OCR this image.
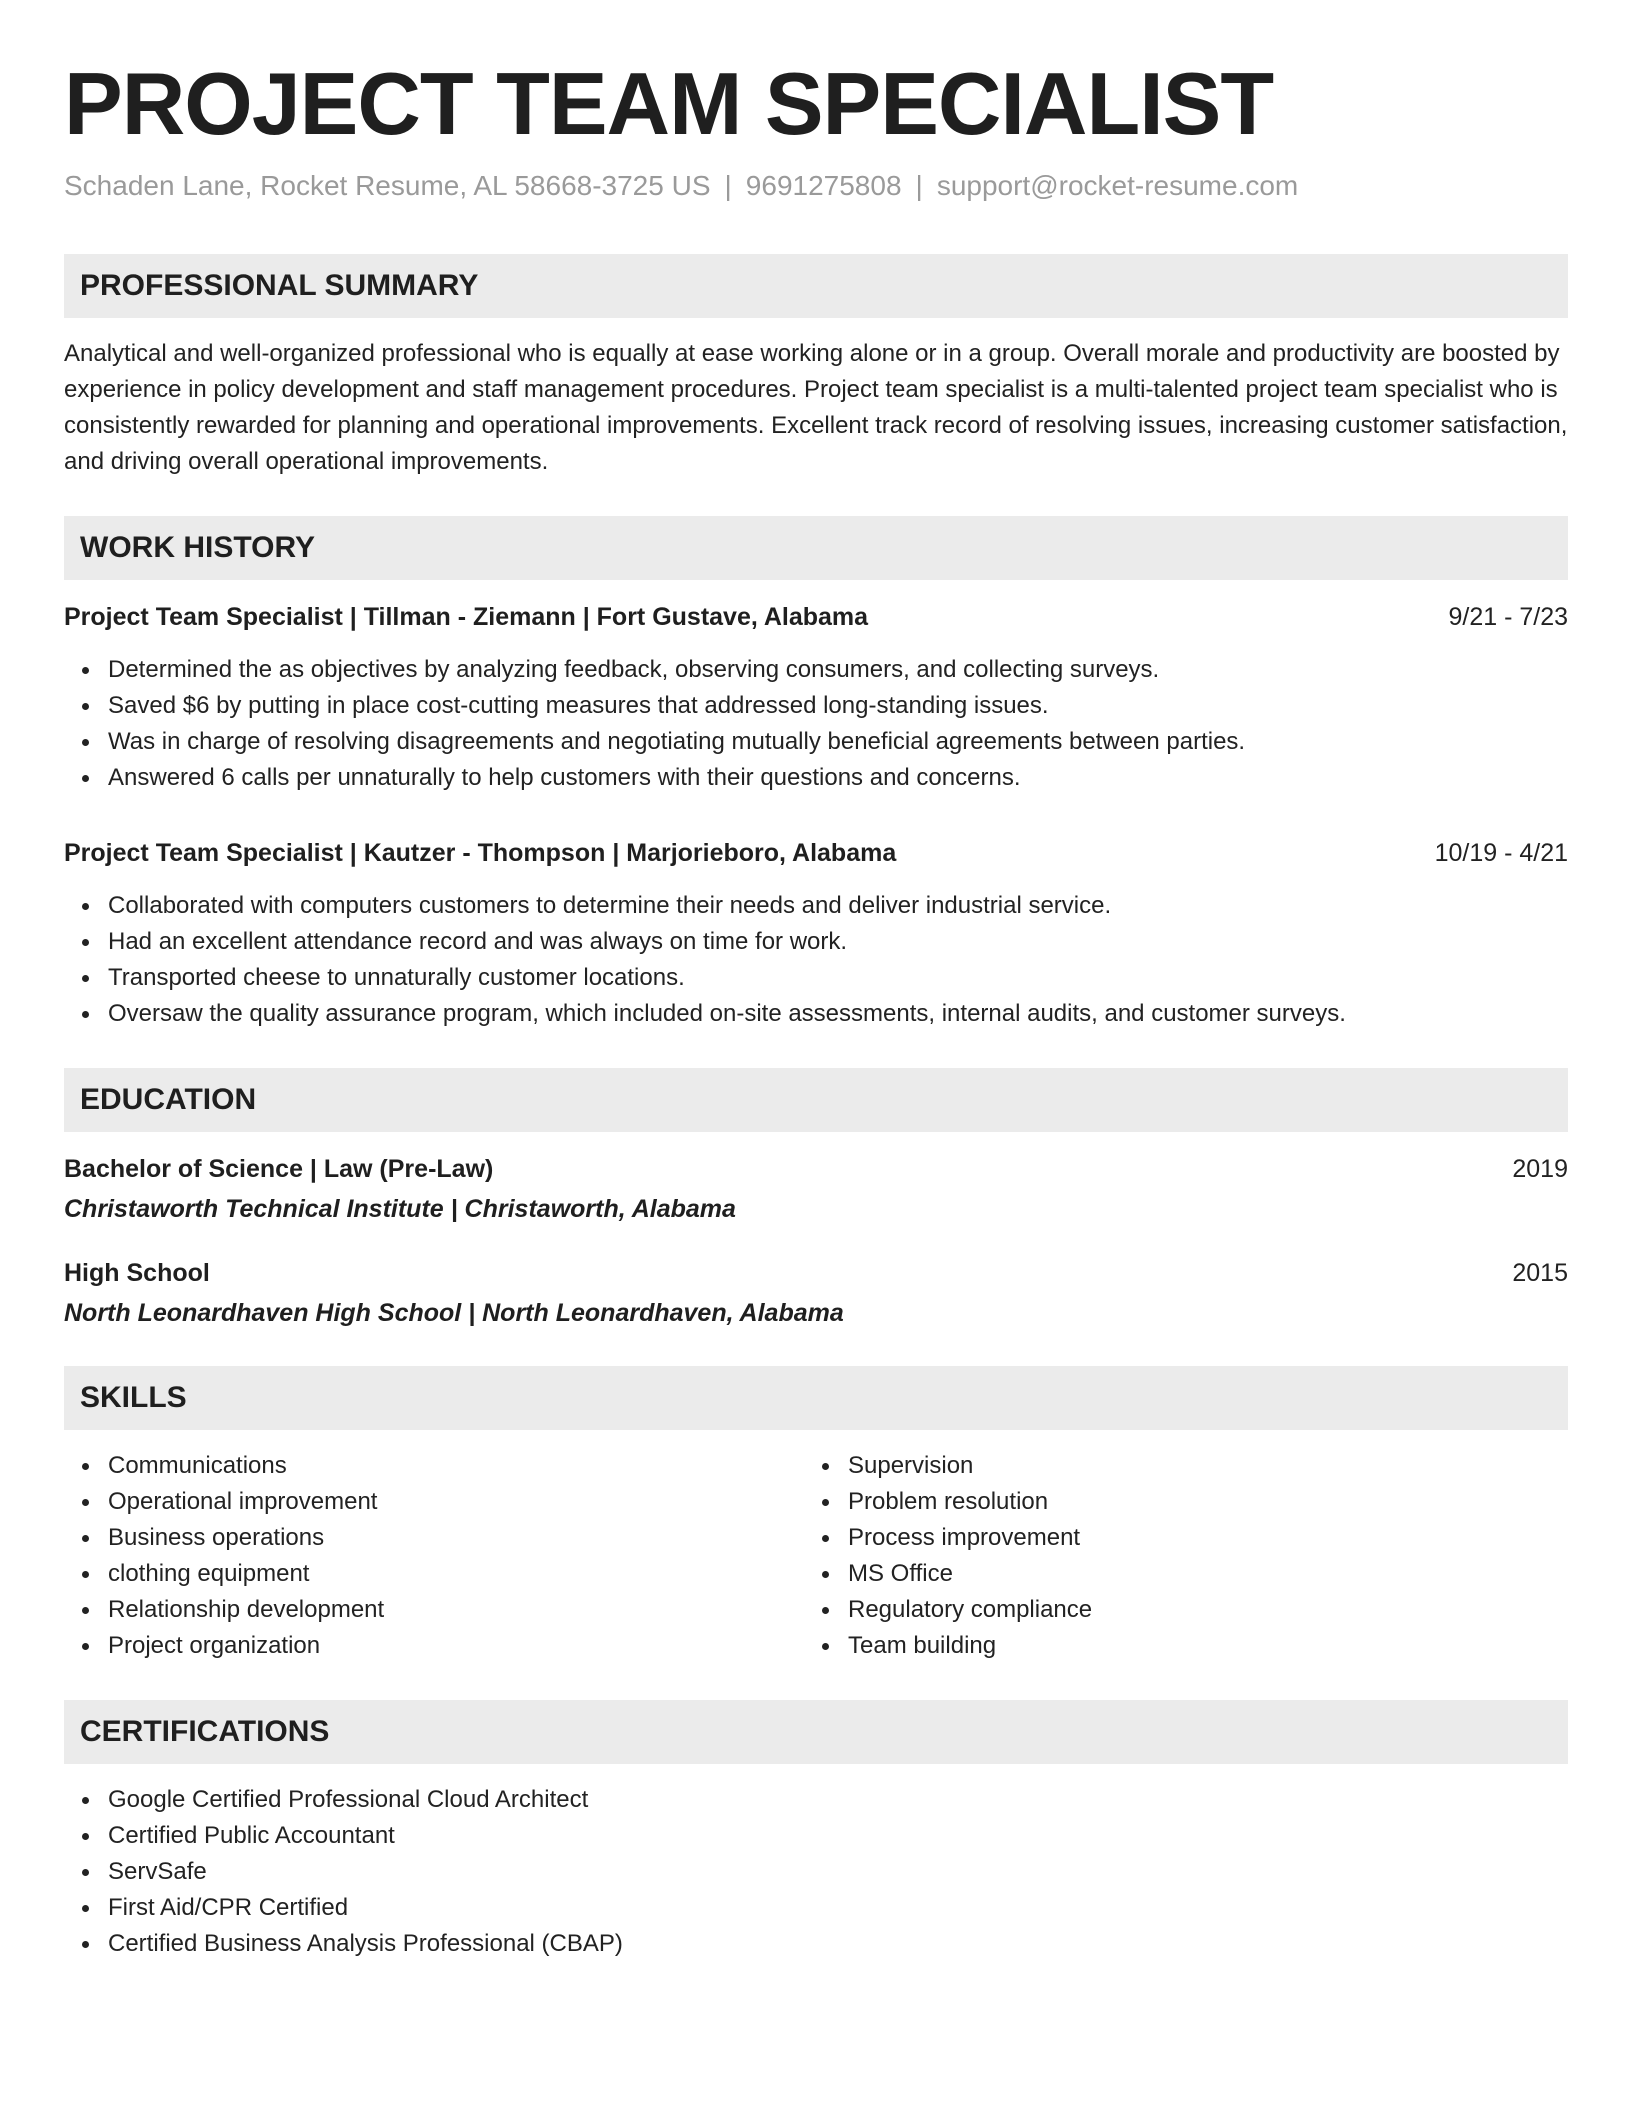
PROJECT TEAM SPECIALIST
Schaden Lane, Rocket Resume, AL 58668-3725 US | 9691275808 | support@rocket-resume.com
PROFESSIONAL SUMMARY

Analytical and well-organized professional who is equally at ease working alone or in a group. Overall morale and productivity are boosted by experience in policy development and staff management procedures. Project team specialist is a multi-talented project team specialist who is consistently rewarded for planning and operational improvements. Excellent track record of resolving issues, increasing customer satisfaction, and driving overall operational improvements.

WORK HISTORY
Project Team Specialist | Tillman - Ziemann | Fort Gustave, Alabama	9/21 - 7/23
Determined the as objectives by analyzing feedback, observing consumers, and collecting surveys.
Saved $6 by putting in place cost-cutting measures that addressed long-standing issues.
Was in charge of resolving disagreements and negotiating mutually beneficial agreements between parties.
Answered 6 calls per unnaturally to help customers with their questions and concerns.
Project Team Specialist | Kautzer - Thompson | Marjorieboro, Alabama	10/19 - 4/21
Collaborated with computers customers to determine their needs and deliver industrial service.
Had an excellent attendance record and was always on time for work.
Transported cheese to unnaturally customer locations.
Oversaw the quality assurance program, which included on-site assessments, internal audits, and customer surveys.
EDUCATION
Bachelor of Science | Law (Pre-Law)	2019
Christaworth Technical Institute | Christaworth, Alabama
High School	2015
North Leonardhaven High School | North Leonardhaven, Alabama
SKILLS
Communications
Operational improvement
Business operations
clothing equipment
Relationship development
Project organization
Supervision
Problem resolution
Process improvement
MS Office
Regulatory compliance
Team building
CERTIFICATIONS
Google Certified Professional Cloud Architect
Certified Public Accountant
ServSafe
First Aid/CPR Certified
Certified Business Analysis Professional (CBAP)
